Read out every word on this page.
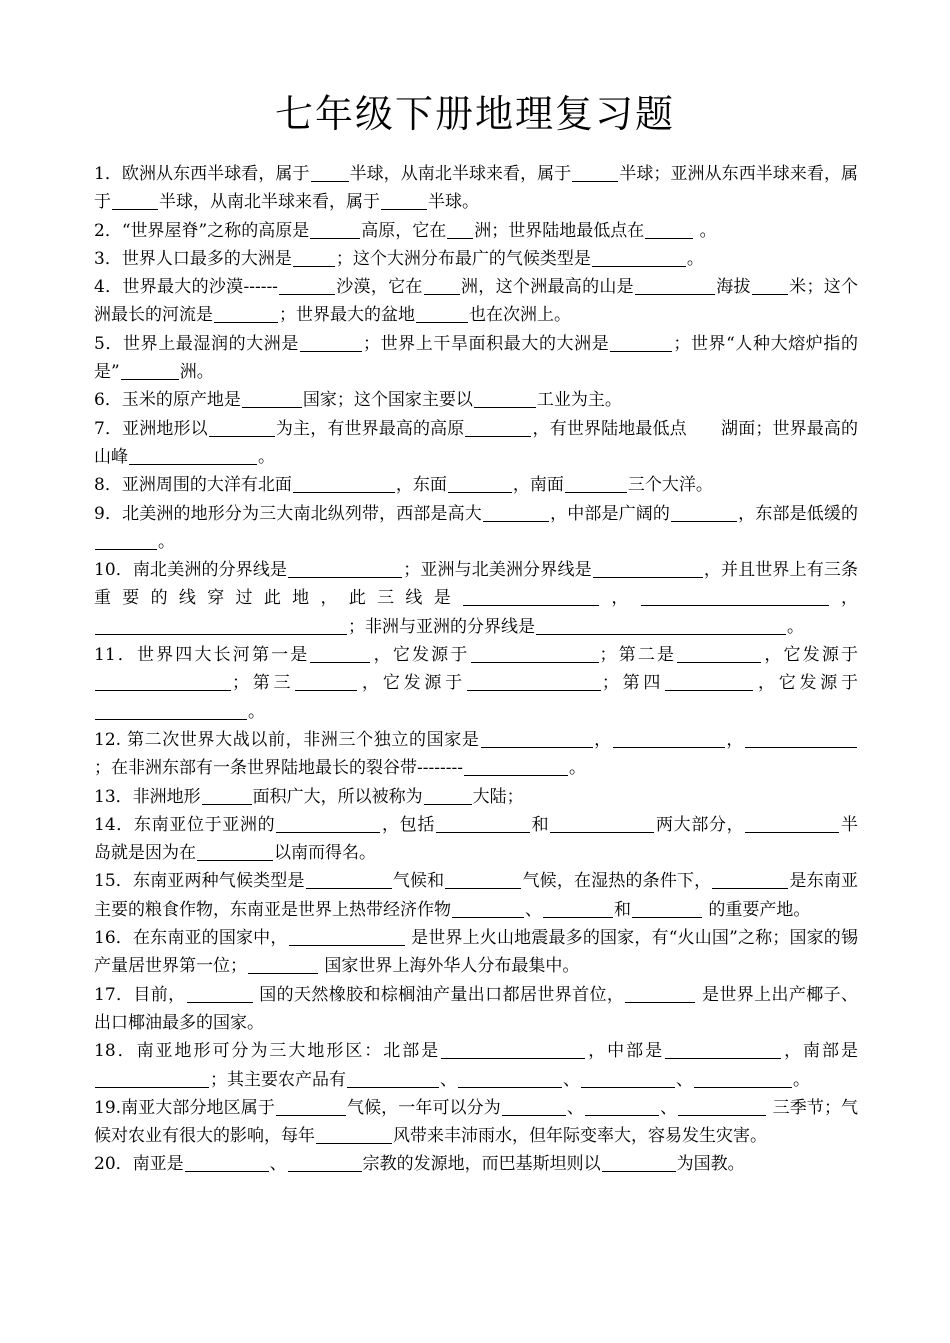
七年级下册地理复习题
1．欧洲从东西半球看，属于 半球，从南北半球来看，属于	半球；亚洲从东西半球来看，属于	半球，从南北半球来看，属于	半球。
2．“世界屋脊”之称的高原是	高原，它在 洲；世界陆地最低点在	。
3．世界人口最多的大洲是	；这个大洲分布最广的气候类型是	。
4．世界最大的沙漠------	沙漠，它在 洲，这个洲最高的山是	海拔 米；这个洲最长的河流是	；世界最大的盆地	也在次洲上。
5．世界上最湿润的大洲是	；世界上干旱面积最大的大洲是	；世界“人种大熔炉指的是”	洲。
6．玉米的原产地是	国家；这个国家主要以	工业为主。
7．亚洲地形以	为主，有世界最高的高原	，有世界陆地最低点　　湖面；世界最高的山峰	。
8．亚洲周围的大洋有北面	，东面	，南面	三个大洋。
9．北美洲的地形分为三大南北纵列带，西部是高大	，中部是广阔的	，东部是低缓的。
10．南北美洲的分界线是	；亚洲与北美洲分界线是	，并且世界上有三条重要的线穿过此地，此三线是	，	，；非洲与亚洲的分界线是	。
11．世界四大长河第一是	，它发源于	；第二是	，它发源于；第三	，它发源于	；第四	，它发源于。
12. 第二次世界大战以前，非洲三个独立的国家是	，	，；在非洲东部有一条世界陆地最长的裂谷带--------	。
13．非洲地形	面积广大，所以被称为	大陆；
14．东南亚位于亚洲的	，包括	和	两大部分，	半岛就是因为在	以南而得名。
15．东南亚两种气候类型是	气候和	气候，在湿热的条件下，	是东南亚主要的粮食作物，东南亚是世界上热带经济作物	、	和	的重要产地。
16．在东南亚的国家中，	是世界上火山地震最多的国家，有“火山国”之称；国家的锡产量居世界第一位；	国家世界上海外华人分布最集中。
17．目前，	国的天然橡胶和棕榈油产量出口都居世界首位，	是世界上出产椰子、出口椰油最多的国家。
18．南亚地形可分为三大地形区：北部是	，中部是	，南部是；其主要农产品有	、	、	、	。
19.南亚大部分地区属于	气候，一年可以分为	、	、	三季节；气候对农业有很大的影响，每年	风带来丰沛雨水，但年际变率大，容易发生灾害。
20．南亚是	、	宗教的发源地，而巴基斯坦则以	为国教。
